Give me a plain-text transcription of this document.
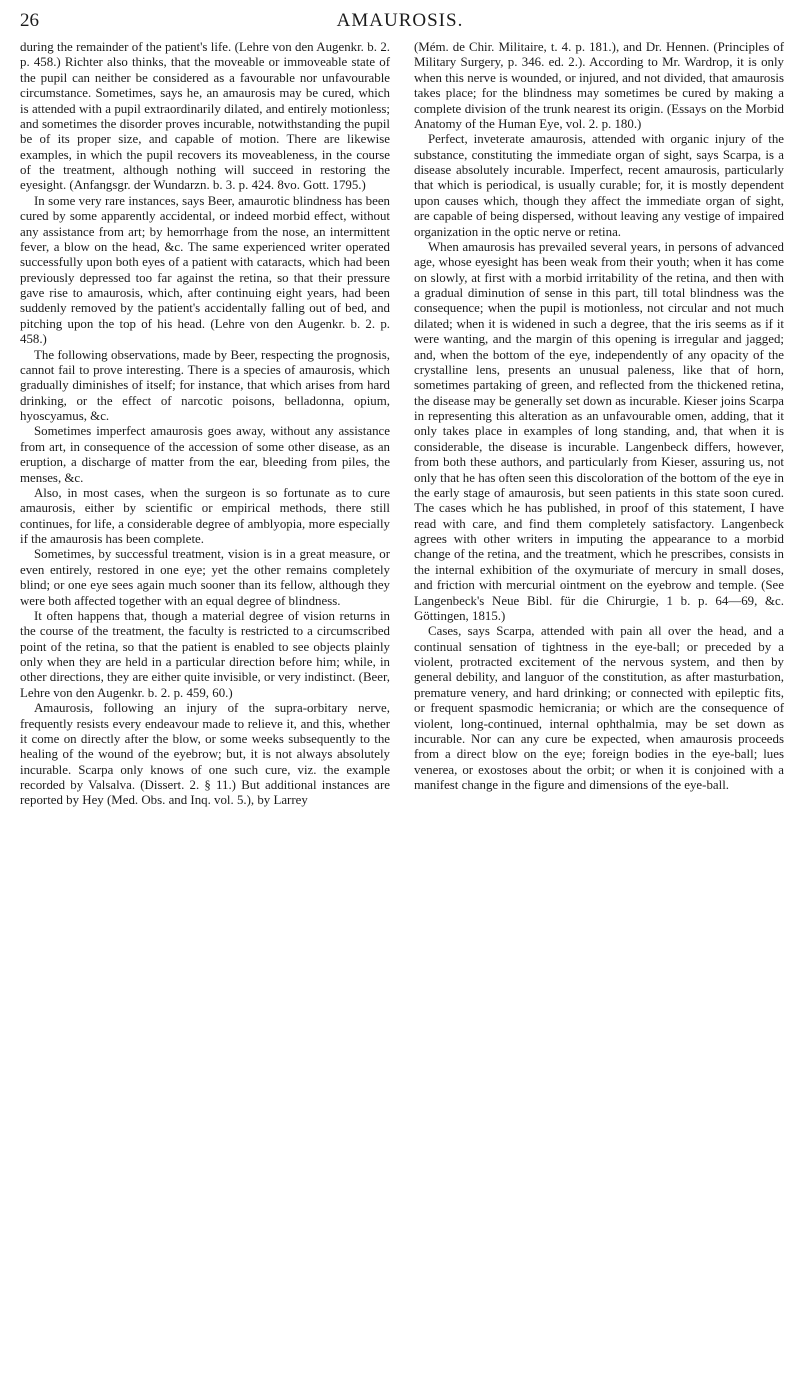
26	AMAUROSIS.

during the remainder of the patient's life. (Lehre von den Augenkr. b. 2. p. 458.) Richter also thinks, that the moveable or immoveable state of the pupil can neither be considered as a favourable nor unfavourable circumstance. Sometimes, says he, an amaurosis may be cured, which is attended with a pupil extraordinarily dilated, and entirely motionless; and sometimes the disorder proves incurable, notwithstanding the pupil be of its proper size, and capable of motion. There are likewise examples, in which the pupil recovers its moveableness, in the course of the treatment, although nothing will succeed in restoring the eyesight. (Anfangsgr. der Wundarzn. b. 3. p. 424. 8vo. Gott. 1795.)

In some very rare instances, says Beer, amaurotic blindness has been cured by some apparently accidental, or indeed morbid effect, without any assistance from art; by hemorrhage from the nose, an intermittent fever, a blow on the head, &c. The same experienced writer operated successfully upon both eyes of a patient with cataracts, which had been previously depressed too far against the retina, so that their pressure gave rise to amaurosis, which, after continuing eight years, had been suddenly removed by the patient's accidentally falling out of bed, and pitching upon the top of his head. (Lehre von den Augenkr. b. 2. p. 458.)

The following observations, made by Beer, respecting the prognosis, cannot fail to prove interesting. There is a species of amaurosis, which gradually diminishes of itself; for instance, that which arises from hard drinking, or the effect of narcotic poisons, belladonna, opium, hyoscyamus, &c.

Sometimes imperfect amaurosis goes away, without any assistance from art, in consequence of the accession of some other disease, as an eruption, a discharge of matter from the ear, bleeding from piles, the menses, &c.

Also, in most cases, when the surgeon is so fortunate as to cure amaurosis, either by scientific or empirical methods, there still continues, for life, a considerable degree of amblyopia, more especially if the amaurosis has been complete.

Sometimes, by successful treatment, vision is in a great measure, or even entirely, restored in one eye; yet the other remains completely blind; or one eye sees again much sooner than its fellow, although they were both affected together with an equal degree of blindness.

It often happens that, though a material degree of vision returns in the course of the treatment, the faculty is restricted to a circumscribed point of the retina, so that the patient is enabled to see objects plainly only when they are held in a particular direction before him; while, in other directions, they are either quite invisible, or very indistinct. (Beer, Lehre von den Augenkr. b. 2. p. 459, 60.)

Amaurosis, following an injury of the supra-orbitary nerve, frequently resists every endeavour made to relieve it, and this, whether it come on directly after the blow, or some weeks subsequently to the healing of the wound of the eyebrow; but, it is not always absolutely incurable. Scarpa only knows of one such cure, viz. the example recorded by Valsalva. (Dissert. 2. § 11.) But additional instances are reported by Hey (Med. Obs. and Inq. vol. 5.), by Larrey

(Mém. de Chir. Militaire, t. 4. p. 181.), and Dr. Hennen. (Principles of Military Surgery, p. 346. ed. 2.). According to Mr. Wardrop, it is only when this nerve is wounded, or injured, and not divided, that amaurosis takes place; for the blindness may sometimes be cured by making a complete division of the trunk nearest its origin. (Essays on the Morbid Anatomy of the Human Eye, vol. 2. p. 180.)

Perfect, inveterate amaurosis, attended with organic injury of the substance, constituting the immediate organ of sight, says Scarpa, is a disease absolutely incurable. Imperfect, recent amaurosis, particularly that which is periodical, is usually curable; for, it is mostly dependent upon causes which, though they affect the immediate organ of sight, are capable of being dispersed, without leaving any vestige of impaired organization in the optic nerve or retina.

When amaurosis has prevailed several years, in persons of advanced age, whose eyesight has been weak from their youth; when it has come on slowly, at first with a morbid irritability of the retina, and then with a gradual diminution of sense in this part, till total blindness was the consequence; when the pupil is motionless, not circular and not much dilated; when it is widened in such a degree, that the iris seems as if it were wanting, and the margin of this opening is irregular and jagged; and, when the bottom of the eye, independently of any opacity of the crystalline lens, presents an unusual paleness, like that of horn, sometimes partaking of green, and reflected from the thickened retina, the disease may be generally set down as incurable. Kieser joins Scarpa in representing this alteration as an unfavourable omen, adding, that it only takes place in examples of long standing, and, that when it is considerable, the disease is incurable. Langenbeck differs, however, from both these authors, and particularly from Kieser, assuring us, not only that he has often seen this discoloration of the bottom of the eye in the early stage of amaurosis, but seen patients in this state soon cured. The cases which he has published, in proof of this statement, I have read with care, and find them completely satisfactory. Langenbeck agrees with other writers in imputing the appearance to a morbid change of the retina, and the treatment, which he prescribes, consists in the internal exhibition of the oxymuriate of mercury in small doses, and friction with mercurial ointment on the eyebrow and temple. (See Langenbeck's Neue Bibl. für die Chirurgie, 1 b. p. 64—69, &c. Göttingen, 1815.)

Cases, says Scarpa, attended with pain all over the head, and a continual sensation of tightness in the eye-ball; or preceded by a violent, protracted excitement of the nervous system, and then by general debility, and languor of the constitution, as after masturbation, premature venery, and hard drinking; or connected with epileptic fits, or frequent spasmodic hemicrania; or which are the consequence of violent, long-continued, internal ophthalmia, may be set down as incurable. Nor can any cure be expected, when amaurosis proceeds from a direct blow on the eye; foreign bodies in the eye-ball; lues venerea, or exostoses about the orbit; or when it is conjoined with a manifest change in the figure and dimensions of the eye-ball.
